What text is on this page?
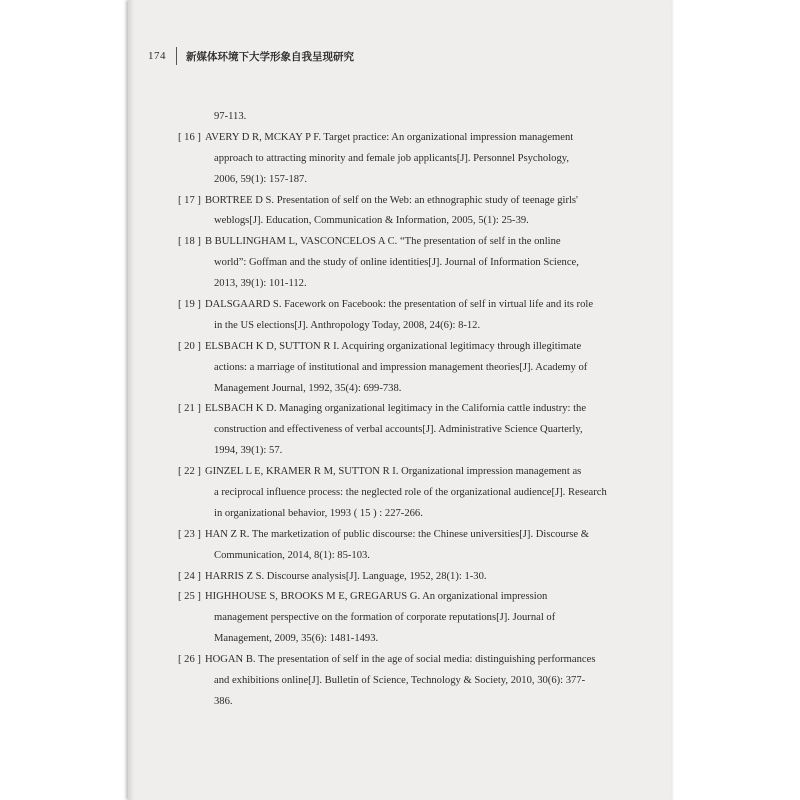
174 新媒体环境下大学形象自我呈现研究
97-113.
[ 16 ] AVERY D R, MCKAY P F. Target practice: An organizational impression management
approach to attracting minority and female job applicants[J]. Personnel Psychology,
2006, 59(1): 157-187.
[ 17 ] BORTREE D S. Presentation of self on the Web: an ethnographic study of teenage girls'
weblogs[J]. Education, Communication & Information, 2005, 5(1): 25-39.
[ 18 ] B BULLINGHAM L, VASCONCELOS A C. “The presentation of self in the online
world”: Goffman and the study of online identities[J]. Journal of Information Science,
2013, 39(1): 101-112.
[ 19 ] DALSGAARD S. Facework on Facebook: the presentation of self in virtual life and its role
in the US elections[J]. Anthropology Today, 2008, 24(6): 8-12.
[ 20 ] ELSBACH K D, SUTTON R I. Acquiring organizational legitimacy through illegitimate
actions: a marriage of institutional and impression management theories[J]. Academy of
Management Journal, 1992, 35(4): 699-738.
[ 21 ] ELSBACH K D. Managing organizational legitimacy in the California cattle industry: the
construction and effectiveness of verbal accounts[J]. Administrative Science Quarterly,
1994, 39(1): 57.
[ 22 ] GINZEL L E, KRAMER R M, SUTTON R I. Organizational impression management as
a reciprocal influence process: the neglected role of the organizational audience[J]. Research
in organizational behavior, 1993 ( 15 ) : 227-266.
[ 23 ] HAN Z R. The marketization of public discourse: the Chinese universities[J]. Discourse &
Communication, 2014, 8(1): 85-103.
[ 24 ] HARRIS Z S. Discourse analysis[J]. Language, 1952, 28(1): 1-30.
[ 25 ] HIGHHOUSE S, BROOKS M E, GREGARUS G. An organizational impression
management perspective on the formation of corporate reputations[J]. Journal of
Management, 2009, 35(6): 1481-1493.
[ 26 ] HOGAN B. The presentation of self in the age of social media: distinguishing performances
and exhibitions online[J]. Bulletin of Science, Technology & Society, 2010, 30(6): 377-
386.
